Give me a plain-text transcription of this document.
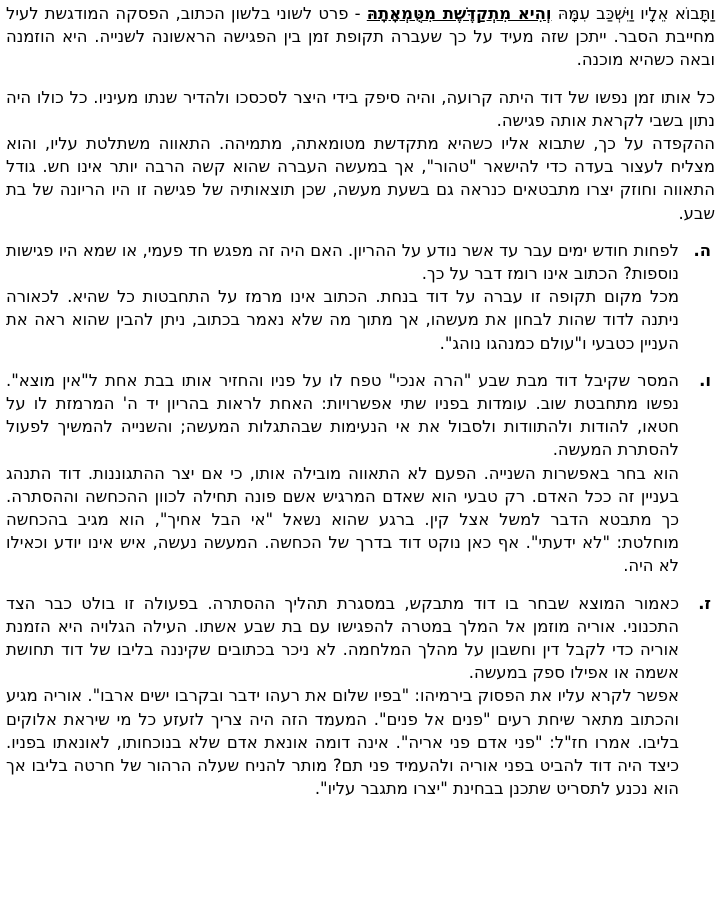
וַתָּבוֹא אֵלָיו וַיִּשְׁכַּב עִמָּהּ וְהִיא מִתְקַדֶּשֶׁת מִטֻּמְאָתָהּ - פרט לשוני בלשון הכתוב, הפסקה המודגשת לעיל מחייבת הסבר. ייתכן שזה מעיד על כך שעברה תקופת זמן בין הפגישה הראשונה לשנייה. היא הוזמנה ובאה כשהיא מוכנה.

כל אותו זמן נפשו של דוד היתה קרועה, והיה סיפק בידי היצר לסכסכו ולהדיר שנתו מעיניו. כל כולו היה נתון בשבי לקראת אותה פגישה.

ההקפדה על כך, שתבוא אליו כשהיא מתקדשת מטומאתה, מתמיהה. התאווה משתלטת עליו, והוא מצליח לעצור בעדה כדי להישאר "טהור", אך במעשה העברה שהוא קשה הרבה יותר אינו חש. גודל התאווה וחוזק יצרו מתבטאים כנראה גם בשעת מעשה, שכן תוצאותיה של פגישה זו היו הריונה של בת שבע.

ה.

לפחות חודש ימים עבר עד אשר נודע על ההריון. האם היה זה מפגש חד פעמי, או שמא היו פגישות נוספות? הכתוב אינו רומז דבר על כך.

מכל מקום תקופה זו עברה על דוד בנחת. הכתוב אינו מרמז על התחבטות כל שהיא. לכאורה ניתנה לדוד שהות לבחון את מעשהו, אך מתוך מה שלא נאמר בכתוב, ניתן להבין שהוא ראה את העניין כטבעי ו"עולם כמנהגו נוהג".

ו.

המסר שקיבל דוד מבת שבע "הרה אנכי" טפח לו על פניו והחזיר אותו בבת אחת ל"אין מוצא". נפשו מתחבטת שוב. עומדות בפניו שתי אפשרויות: האחת לראות בהריון יד ה' המרמזת לו על חטאו, להודות ולהתוודות ולסבול את אי הנעימות שבהתגלות המעשה; והשנייה להמשיך לפעול להסתרת המעשה.

הוא בחר באפשרות השנייה. הפעם לא התאווה מובילה אותו, כי אם יצר ההתגוננות. דוד התנהג בעניין זה ככל האדם. רק טבעי הוא שאדם המרגיש אשם פונה תחילה לכוון ההכחשה וההסתרה. כך מתבטא הדבר למשל אצל קין. ברגע שהוא נשאל "אי הבל אחיך", הוא מגיב בהכחשה מוחלטת: "לא ידעתי". אף כאן נוקט דוד בדרך של הכחשה. המעשה נעשה, איש אינו יודע וכאילו לא היה.

ז.

כאמור המוצא שבחר בו דוד מתבקש, במסגרת תהליך ההסתרה. בפעולה זו בולט כבר הצד התכנוני. אוריה מוזמן אל המלך במטרה להפגישו עם בת שבע אשתו. העילה הגלויה היא הזמנת אוריה כדי לקבל דין וחשבון על מהלך המלחמה. לא ניכר בכתובים שקיננה בליבו של דוד תחושת אשמה או אפילו ספק במעשה.

אפשר לקרא עליו את הפסוק בירמיהו: "בפיו שלום את רעהו ידבר ובקרבו ישים ארבו". אוריה מגיע והכתוב מתאר שיחת רעים "פנים אל פנים". המעמד הזה היה צריך לזעזע כל מי שיראת אלוקים בליבו. אמרו חז"ל: "פני אדם פני אריה". אינה דומה אונאת אדם שלא בנוכחותו, לאונאתו בפניו. כיצד היה דוד להביט בפני אוריה ולהעמיד פני תם? מותר להניח שעלה הרהור של חרטה בליבו אך הוא נכנע לתסריט שתכנן בבחינת "יצרו מתגבר עליו".
